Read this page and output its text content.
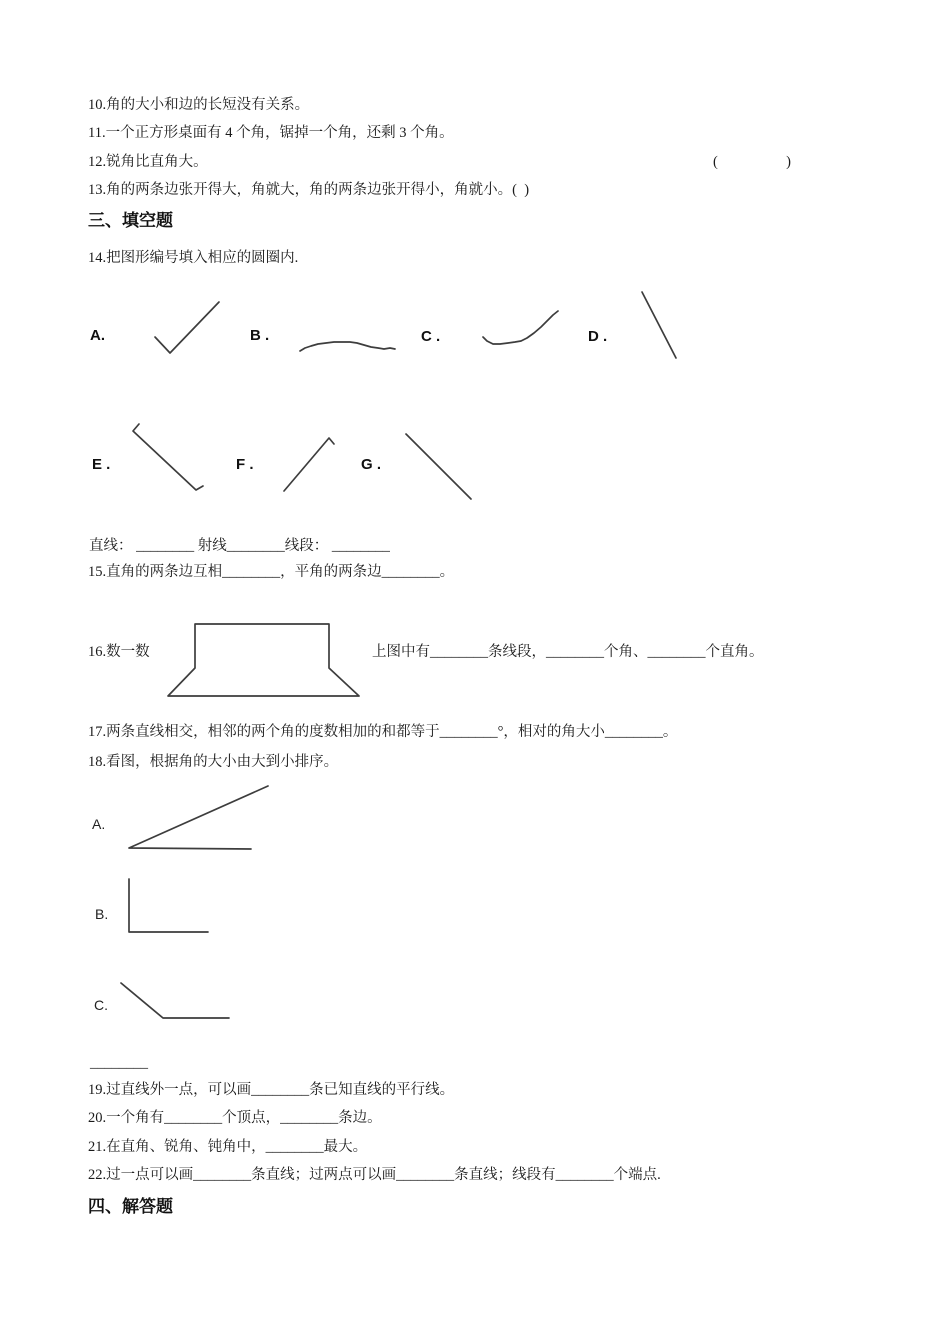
10.角的大小和边的长短没有关系。
11.一个正方形桌面有 4 个角，锯掉一个角，还剩 3 个角。
12.锐角比直角大。	(	)
13.角的两条边张开得大，角就大，角的两条边张开得小，角就小。(  )
三、填空题
14.把图形编号填入相应的圆圈内.
A.	B .	C .	D .
E .	F .	G .
直线： ________ 射线________线段： ________
15.直角的两条边互相________，平角的两条边________。
16.数一数	上图中有________条线段，________个角、________个直角。
17.两条直线相交，相邻的两个角的度数相加的和都等于________°，相对的角大小________。
18.看图，根据角的大小由大到小排序。
A.
B.
C.
________
19.过直线外一点，可以画________条已知直线的平行线。
20.一个角有________个顶点，________条边。
21.在直角、锐角、钝角中，________最大。
22.过一点可以画________条直线；过两点可以画________条直线；线段有________个端点.
四、解答题
